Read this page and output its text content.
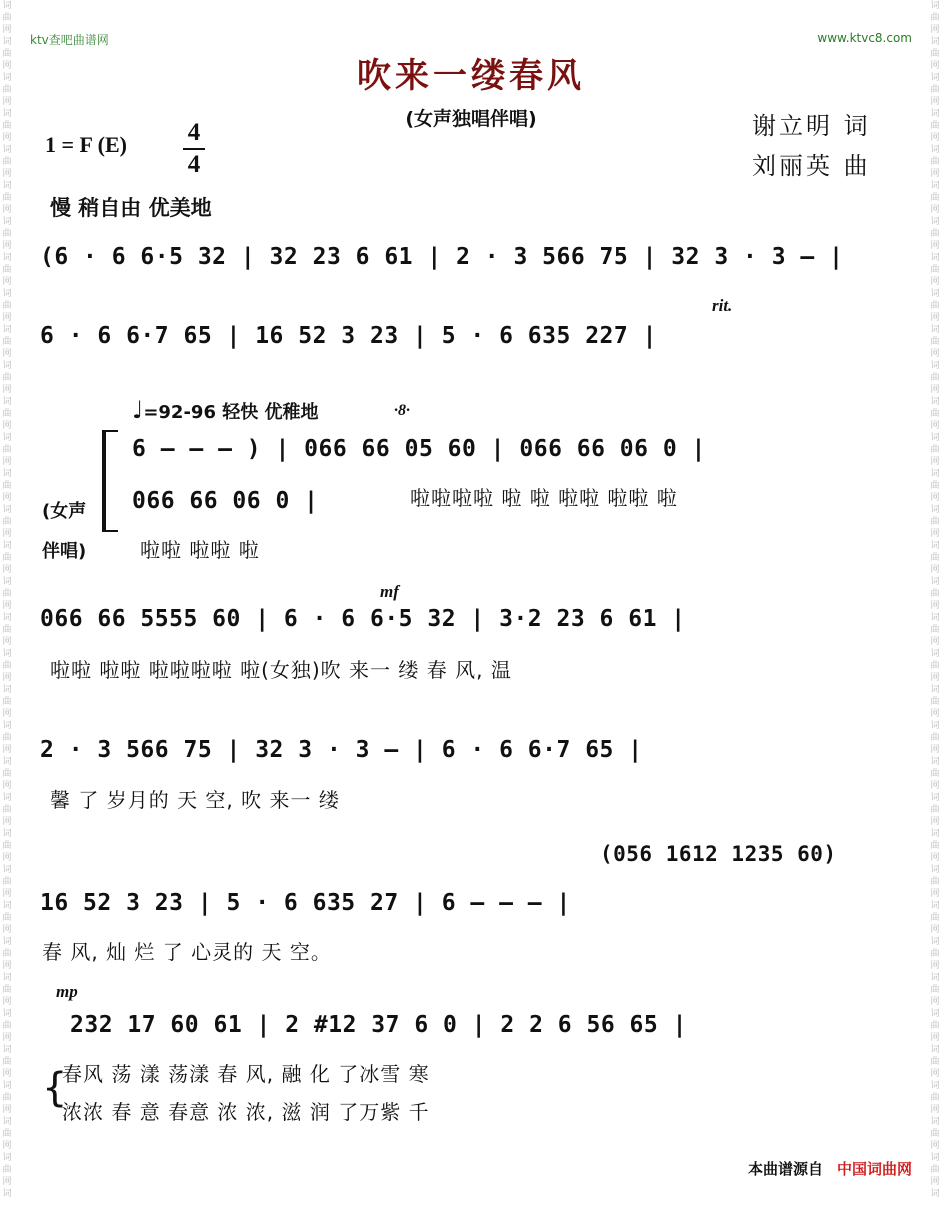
词
曲
网
词
曲
网
词
曲
网
词
曲
网
词
曲
网
词
曲
网
词
曲
网
词
曲
网
词
曲
网
词
曲
网
词
曲
网
词
曲
网
词
曲
网
词
曲
网
词
曲
网
词
曲
网
词
曲
网
词
曲
网
词
曲
网
词
曲
网
词
曲
网
词
曲
网
词
曲
网
词
曲
网
词
曲
网
词
曲
网
词
曲
网
词
曲
网
词
曲
网
词
曲
网
词
曲
网
词
曲
网
词
曲
网
词
词
曲
网
词
曲
网
词
曲
网
词
曲
网
词
曲
网
词
曲
网
词
曲
网
词
曲
网
词
曲
网
词
曲
网
词
曲
网
词
曲
网
词
曲
网
词
曲
网
词
曲
网
词
曲
网
词
曲
网
词
曲
网
词
曲
网
词
曲
网
词
曲
网
词
曲
网
词
曲
网
词
曲
网
词
曲
网
词
曲
网
词
曲
网
词
曲
网
词
曲
网
词
曲
网
词
曲
网
词
曲
网
词
曲
网
词
ktv查吧曲谱网	www.ktvc8.com
吹来一缕春风
(女声独唱伴唱)	谢立明 词
刘丽英 曲
1 = F (E)	4
4
慢 稍自由 优美地
(6 · 6 6·5 32 | 32 23 6 61 | 2 · 3 566 75 | 32 3 · 3 – |
rit.
6 · 6 6·7 65 | 16 52 3 23 | 5 · 6 635 227 |
♩=92-96 轻快 优稚地	·8·
6 – – – ) | 066 66 05 60 | 066 66 06 0 |
啦啦啦啦 啦 啦 啦啦 啦啦 啦
(女声
伴唱)
066 66 06 0 |
啦啦 啦啦 啦
mf
066 66 5555 60 | 6 · 6 6·5 32 | 3·2 23 6 61 |
啦啦 啦啦 啦啦啦啦 啦(女独)吹 来一 缕 春 风, 温
2 · 3 566 75 | 32 3 · 3 – | 6 · 6 6·7 65 |
馨 了 岁月的 天 空, 吹 来一 缕
(056 1612 1235 60)
16 52 3 23 | 5 · 6 635 27 | 6 – – – |
春 风, 灿 烂 了 心灵的 天 空。
mp
232 17 60 61 | 2 #12 37 6 0 | 2 2 6 56 65 |
{
春风 荡 漾 荡漾 春 风, 融 化 了冰雪 寒
浓浓 春 意 春意 浓 浓, 滋 润 了万紫 千
本曲谱源自 中国词曲网
